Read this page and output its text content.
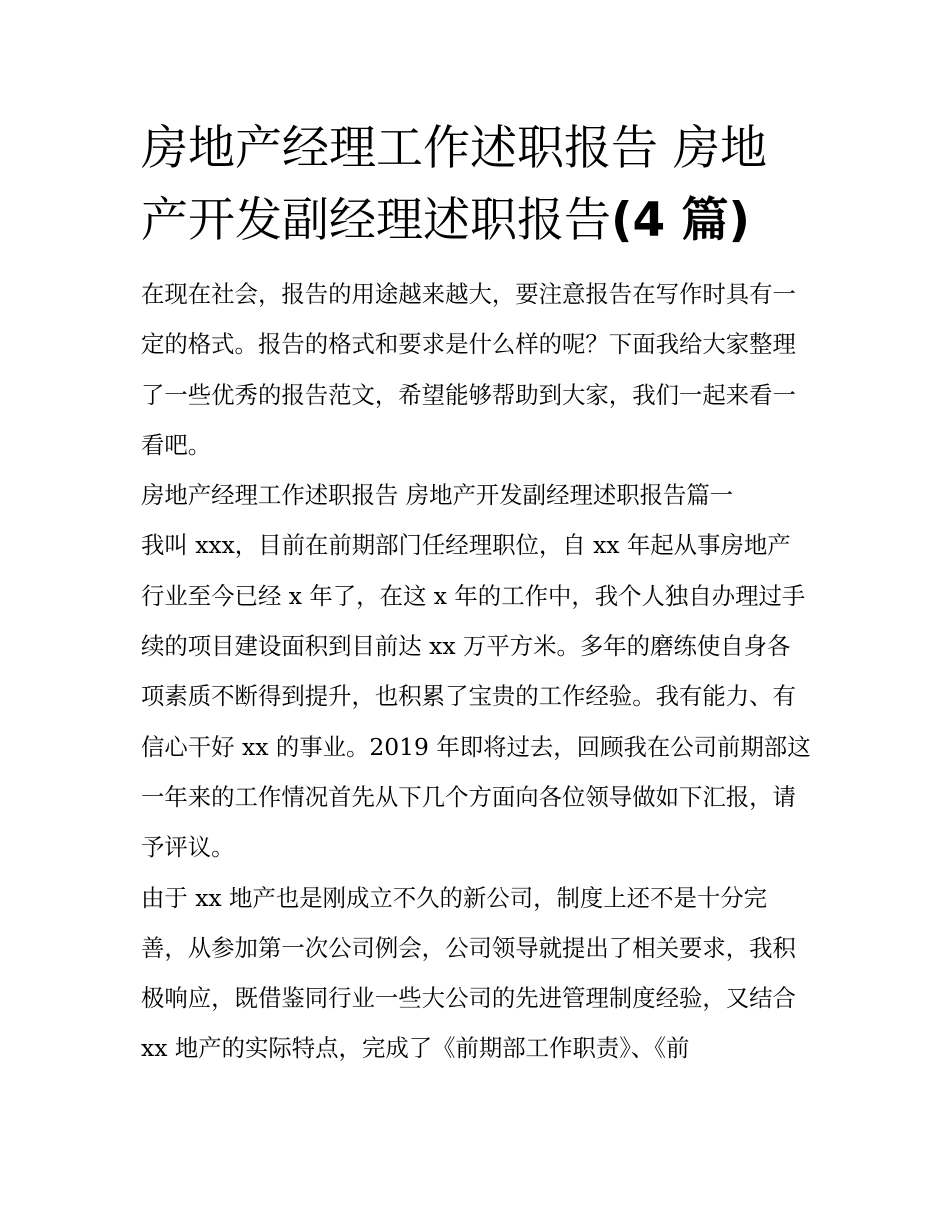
房地产经理工作述职报告 房地产开发副经理述职报告(4 篇)

在现在社会，报告的用途越来越大，要注意报告在写作时具有一定的格式。报告的格式和要求是什么样的呢？下面我给大家整理了一些优秀的报告范文，希望能够帮助到大家，我们一起来看一看吧。

房地产经理工作述职报告 房地产开发副经理述职报告篇一

我叫 xxx，目前在前期部门任经理职位，自 xx 年起从事房地产行业至今已经 x 年了，在这 x 年的工作中，我个人独自办理过手续的项目建设面积到目前达 xx 万平方米。多年的磨练使自身各项素质不断得到提升，也积累了宝贵的工作经验。我有能力、有信心干好 xx 的事业。2019 年即将过去，回顾我在公司前期部这一年来的工作情况首先从下几个方面向各位领导做如下汇报，请予评议。

由于 xx 地产也是刚成立不久的新公司，制度上还不是十分完善，从参加第一次公司例会，公司领导就提出了相关要求，我积极响应，既借鉴同行业一些大公司的先进管理制度经验，又结合 xx 地产的实际特点，完成了《前期部工作职责》、《前
